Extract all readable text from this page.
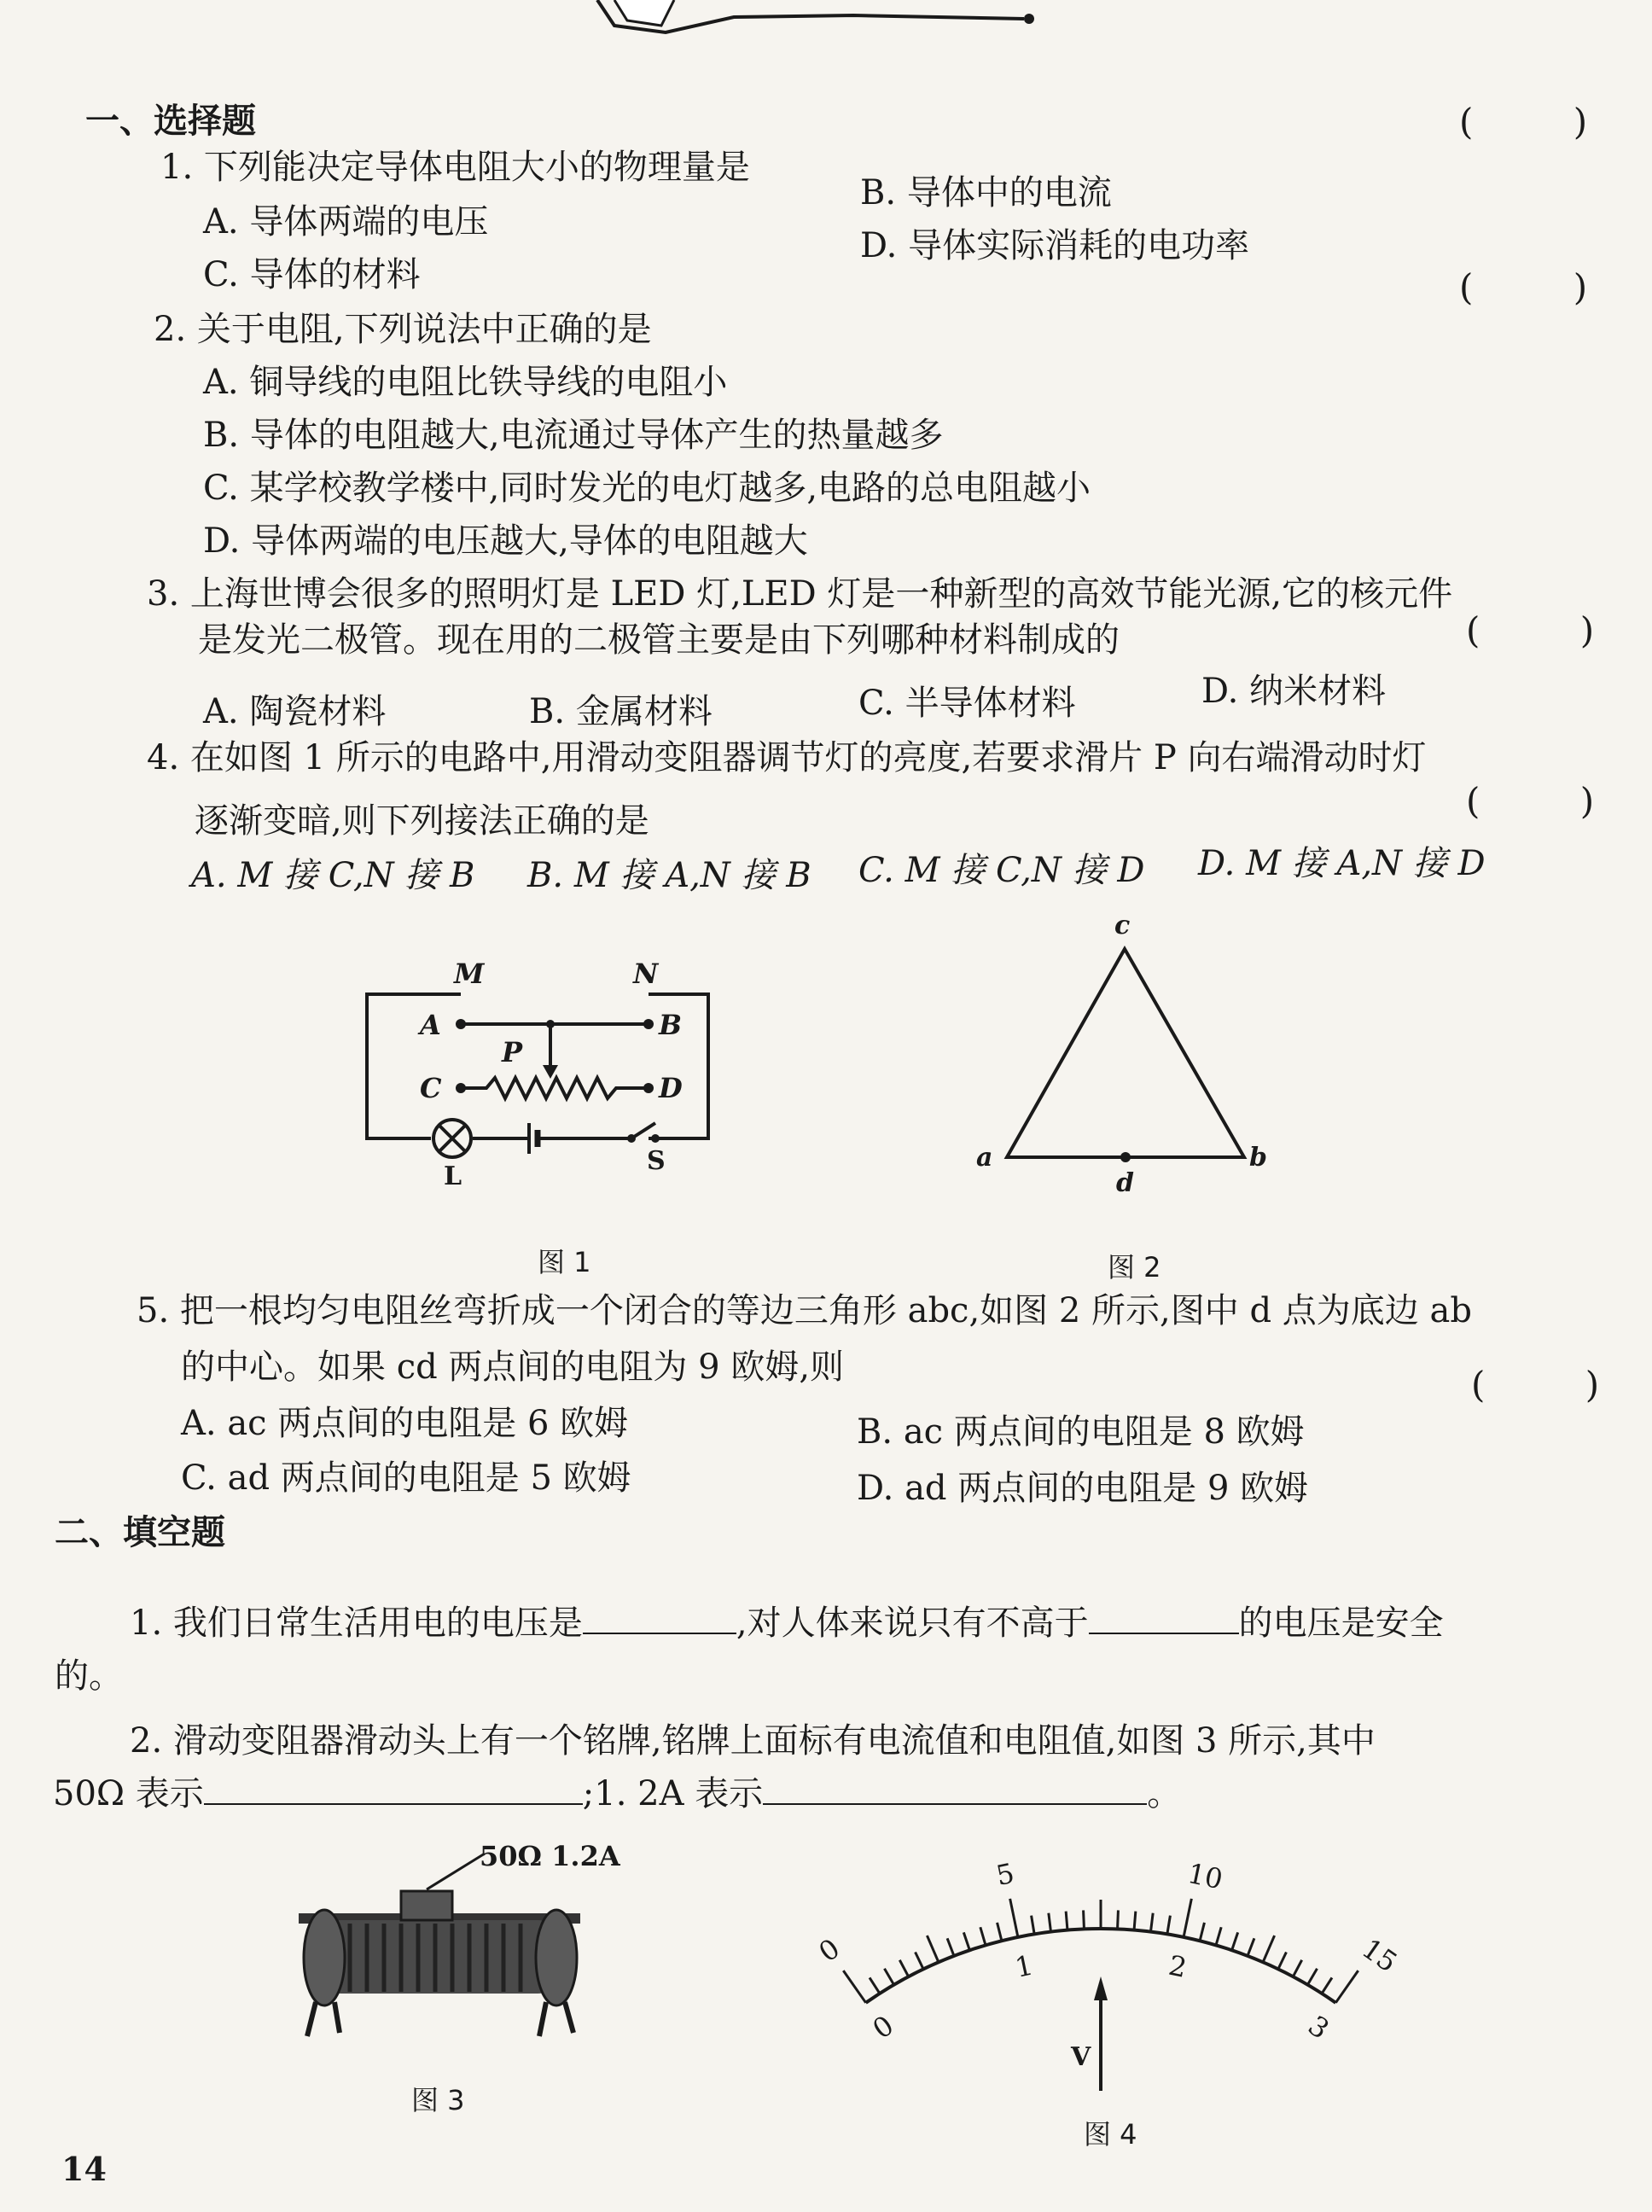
一、选择题
1. 下列能决定导体电阻大小的物理量是
( )
A. 导体两端的电压
B. 导体中的电流
C. 导体的材料
D. 导体实际消耗的电功率
( )
2. 关于电阻,下列说法中正确的是
A. 铜导线的电阻比铁导线的电阻小
B. 导体的电阻越大,电流通过导体产生的热量越多
C. 某学校教学楼中,同时发光的电灯越多,电路的总电阻越小
D. 导体两端的电压越大,导体的电阻越大
3. 上海世博会很多的照明灯是 LED 灯,LED 灯是一种新型的高效节能光源,它的核元件
是发光二极管。现在用的二极管主要是由下列哪种材料制成的	( )
A. 陶瓷材料	B. 金属材料	C. 半导体材料	D. 纳米材料
4. 在如图 1 所示的电路中,用滑动变阻器调节灯的亮度,若要求滑片 P 向右端滑动时灯
逐渐变暗,则下列接法正确的是	( )
A. M 接 C,N 接 B B. M 接 A,N 接 B C. M 接 C,N 接 D D. M 接 A,N 接 D
M	N
A	B
C	D
P
L
S
图 1
c
a	b
d
图 2
5. 把一根均匀电阻丝弯折成一个闭合的等边三角形 abc,如图 2 所示,图中 d 点为底边 ab
的中心。如果 cd 两点间的电阻为 9 欧姆,则	( )
A. ac 两点间的电阻是 6 欧姆	B. ac 两点间的电阻是 8 欧姆
C. ad 两点间的电阻是 5 欧姆	D. ad 两点间的电阻是 9 欧姆
二、填空题
1. 我们日常生活用电的电压是	,对人体来说只有不高于	的电压是安全
的。
2. 滑动变阻器滑动头上有一个铭牌,铭牌上面标有电流值和电阻值,如图 3 所示,其中
50Ω 表示	;1. 2A 表示	。
50Ω 1.2A
图 3
V
0
5	10
15
0
1	2
3
图 4
14
